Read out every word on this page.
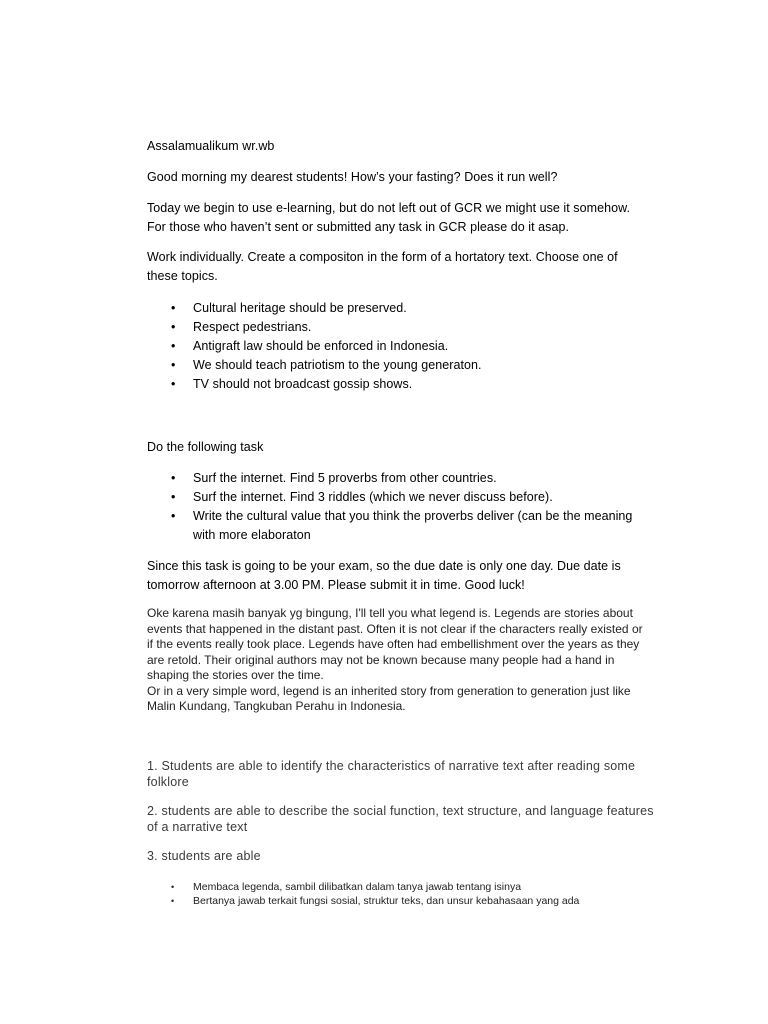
Assalamualikum wr.wb

Good morning my dearest students! How’s your fasting? Does it run well?

Today we begin to use e-learning, but do not left out of GCR we might use it somehow.
For those who haven’t sent or submitted any task in GCR please do it asap.
Work individually. Create a compositon in the form of a hortatory text. Choose one of
these topics.
• Cultural heritage should be preserved.
• Respect pedestrians.
• Antigraft law should be enforced in Indonesia.
• We should teach patriotism to the young generaton.
• TV should not broadcast gossip shows.

Do the following task

• Surf the internet. Find 5 proverbs from other countries.
• Surf the internet. Find 3 riddles (which we never discuss before).
• Write the cultural value that you think the proverbs deliver (can be the meaning
with more elaboraton
Since this task is going to be your exam, so the due date is only one day. Due date is
tomorrow afternoon at 3.00 PM. Please submit it in time. Good luck!
Oke karena masih banyak yg bingung, I'll tell you what legend is. Legends are stories about
events that happened in the distant past. Often it is not clear if the characters really existed or
if the events really took place. Legends have often had embellishment over the years as they
are retold. Their original authors may not be known because many people had a hand in
shaping the stories over the time.
Or in a very simple word, legend is an inherited story from generation to generation just like
Malin Kundang, Tangkuban Perahu in Indonesia.
1. Students are able to identify the characteristics of narrative text after reading some
folklore
2. students are able to describe the social function, text structure, and language features
of a narrative text
3. students are able
• Membaca legenda, sambil dilibatkan dalam tanya jawab tentang isinya
• Bertanya jawab terkait fungsi sosial, struktur teks, dan unsur kebahasaan yang ada
